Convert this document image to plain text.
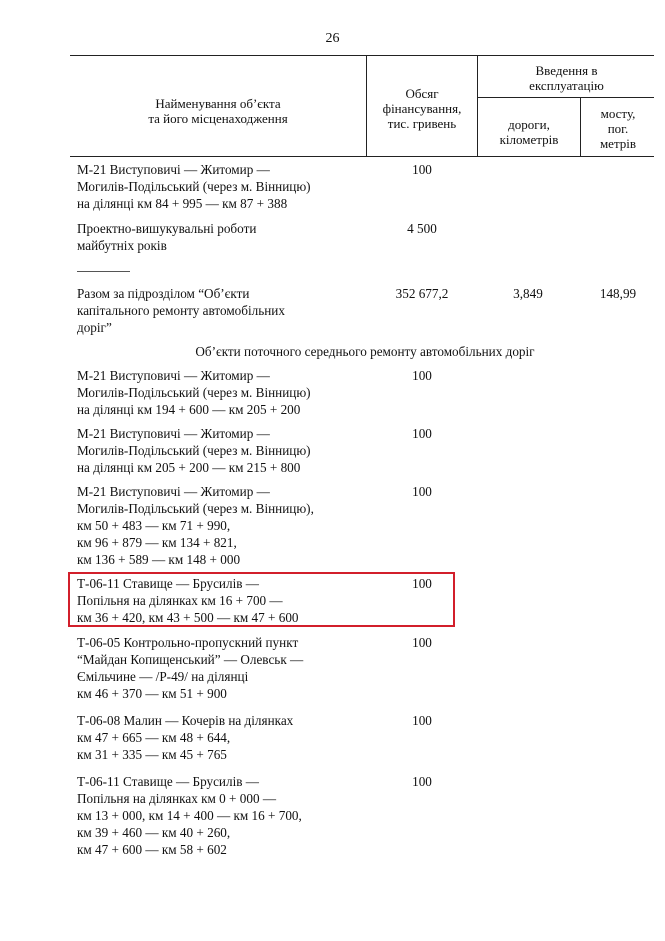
26
Найменування об’єкта
та його місценаходження
Обсяг
фінансування,
тис. гривень
Введення в
експлуатацію
дороги,
кілометрів
мосту,
пог.
метрів
М-21 Виступовичі — Житомир —
Могилів-Подільський (через м. Вінницю)
на ділянці км 84 + 995 — км 87 + 388
100
Проектно-вишукувальні роботи
майбутніх років
4 500
Разом за підрозділом “Об’єкти
капітального ремонту автомобільних
доріг”
352 677,2	3,849	148,99
Об’єкти поточного середнього ремонту автомобільних доріг
М-21 Виступовичі — Житомир —
Могилів-Подільський (через м. Вінницю)
на ділянці км 194 + 600 — км 205 + 200
100
М-21 Виступовичі — Житомир —
Могилів-Подільський (через м. Вінницю)
на ділянці км 205 + 200 — км 215 + 800
100
М-21 Виступовичі — Житомир —
Могилів-Подільський (через м. Вінницю),
км 50 + 483 — км 71 + 990,
км 96 + 879 — км 134 + 821,
км 136 + 589 — км 148 + 000
100
Т-06-11 Ставище — Брусилів —
Попільня на ділянках км 16 + 700 —
км 36 + 420, км 43 + 500 — км 47 + 600
100
Т-06-05 Контрольно-пропускний пункт
“Майдан Копищенський” — Олевськ —
Ємільчине — /Р-49/ на ділянці
км 46 + 370 — км 51 + 900
100
Т-06-08 Малин — Кочерів на ділянках
км 47 + 665 — км 48 + 644,
км 31 + 335 — км 45 + 765
100
Т-06-11 Ставище — Брусилів —
Попільня на ділянках км 0 + 000 —
км 13 + 000, км 14 + 400 — км 16 + 700,
км 39 + 460 — км 40 + 260,
км 47 + 600 — км 58 + 602
100
